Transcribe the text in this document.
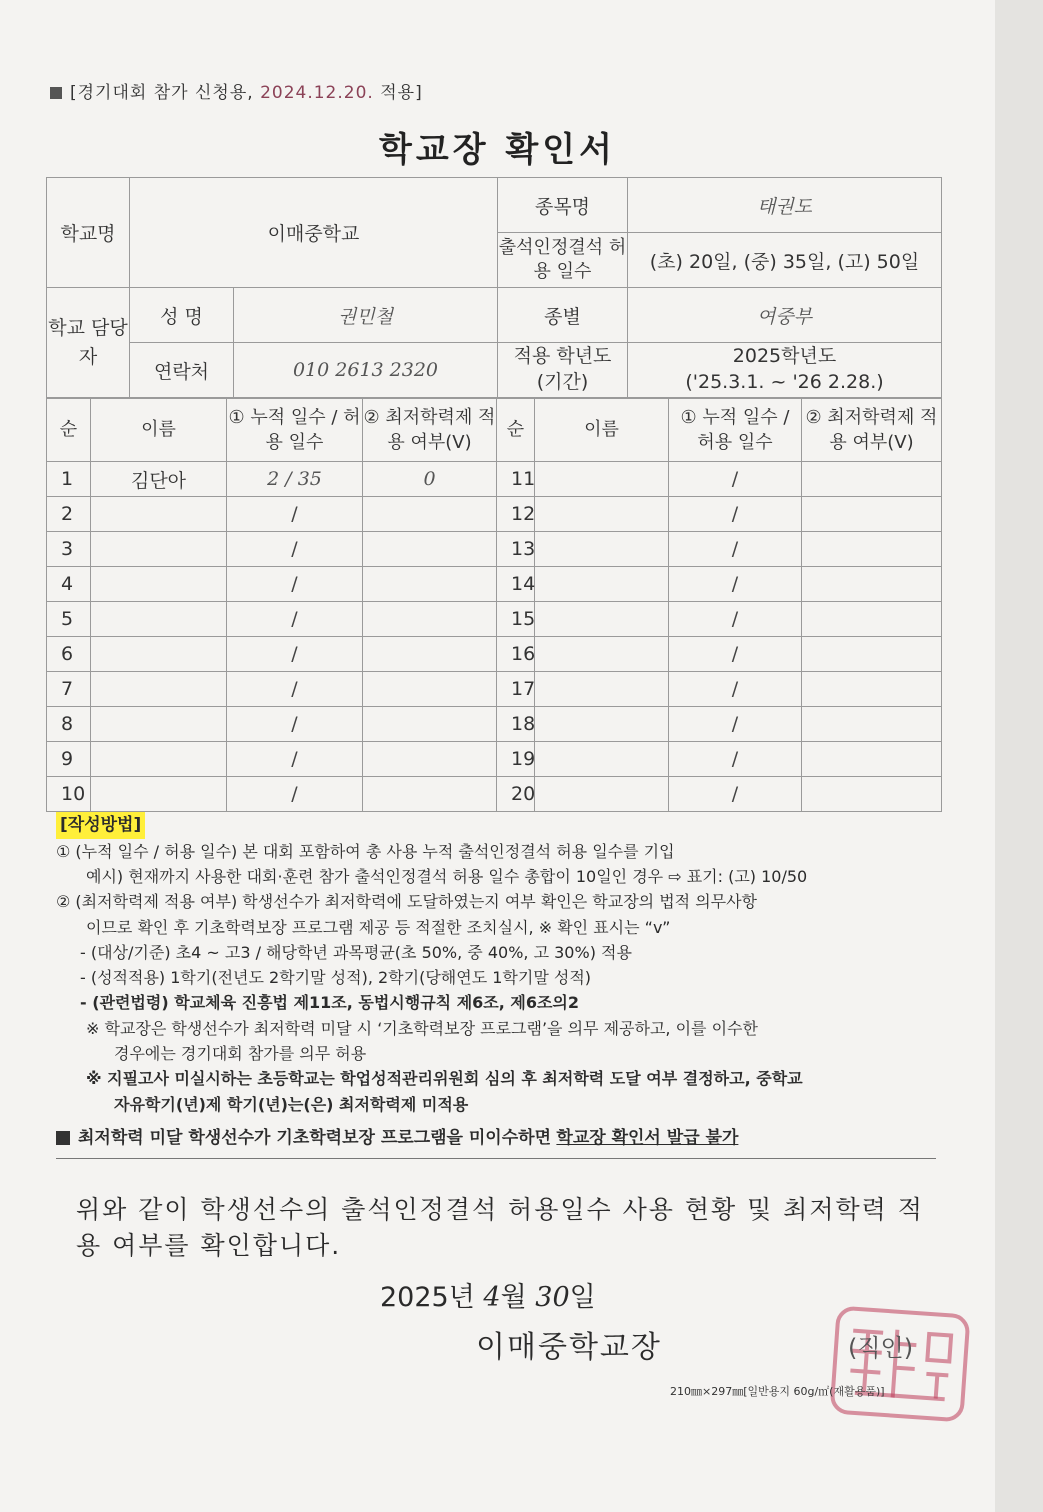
[경기대회 참가 신청용, 2024.12.20. 적용]
학교장 확인서
학교명	이매중학교		종목명	태권도
			출석인정결석 허용 일수	(초) 20일, (중) 35일, (고) 50일
학교 담당자	성 명	권민철	종별	여중부
	연락처	010 2613 2320	적용 학년도 (기간)	2025학년도
('25.3.1. ~ '26 2.28.)
순	이름	① 누적 일수 / 허용 일수	② 최저학력제 적용 여부(V)	순	이름	① 누적 일수 / 허용 일수	② 최저학력제 적용 여부(V)
1	김단아	2 / 35	0	11		/	
2		/		12		/	
3		/		13		/	
4		/		14		/	
5		/		15		/	
6		/		16		/	
7		/		17		/	
8		/		18		/	
9		/		19		/	
10		/		20		/	

[작성방법]

① (누적 일수 / 허용 일수) 본 대회 포함하여 총 사용 누적 출석인정결석 허용 일수를 기입

예시) 현재까지 사용한 대회·훈련 참가 출석인정결석 허용 일수 총합이 10일인 경우 ⇨ 표기: (고) 10/50

② (최저학력제 적용 여부) 학생선수가 최저학력에 도달하였는지 여부 확인은 학교장의 법적 의무사항

이므로 확인 후 기초학력보장 프로그램 제공 등 적절한 조치실시, ※ 확인 표시는 “v”

- (대상/기준) 초4 ~ 고3 / 해당학년 과목평균(초 50%, 중 40%, 고 30%) 적용

- (성적적용) 1학기(전년도 2학기말 성적), 2학기(당해연도 1학기말 성적)

- (관련법령) 학교체육 진흥법 제11조, 동법시행규칙 제6조, 제6조의2

※ 학교장은 학생선수가 최저학력 미달 시 ‘기초학력보장 프로그램’을 의무 제공하고, 이를 이수한

경우에는 경기대회 참가를 의무 허용

※ 지필고사 미실시하는 초등학교는 학업성적관리위원회 심의 후 최저학력 도달 여부 결정하고, 중학교

자유학기(년)제 학기(년)는(은) 최저학력제 미적용

최저학력 미달 학생선수가 기초학력보장 프로그램을 미이수하면 학교장 확인서 발급 불가

위와 같이 학생선수의 출석인정결석 허용일수 사용 현황 및 최저학력 적용 여부를 확인합니다.
2025년 4월 30일
이매중학교장	(직인)
210㎜×297㎜[일반용지 60g/㎡(재활용품)]
